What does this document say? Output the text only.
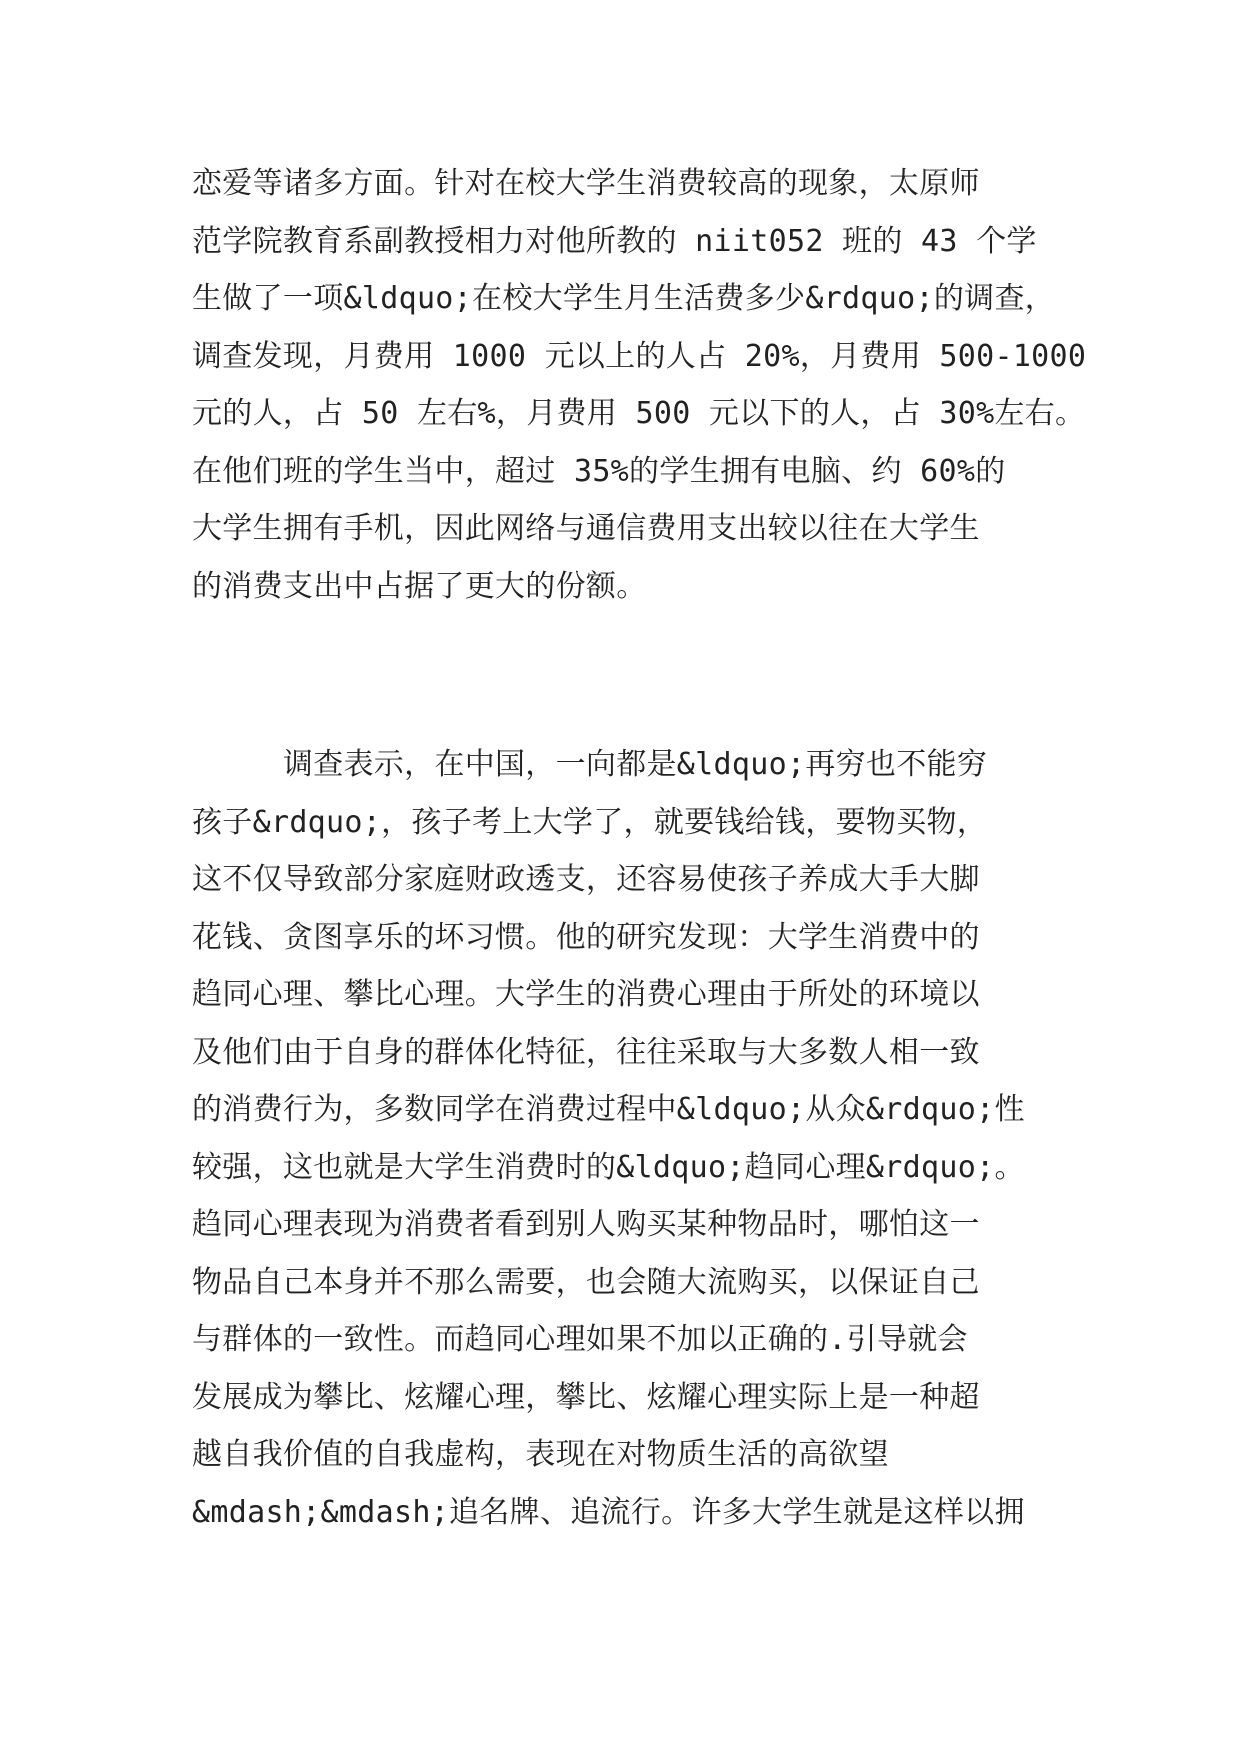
恋爱等诸多方面。针对在校大学生消费较高的现象，太原师
范学院教育系副教授相力对他所教的 niit052 班的 43 个学
生做了一项&ldquo;在校大学生月生活费多少&rdquo;的调查，
调查发现，月费用 1000 元以上的人占 20%，月费用 500-1000
元的人，占 50 左右%，月费用 500 元以下的人，占 30%左右。
在他们班的学生当中，超过 35%的学生拥有电脑、约 60%的
大学生拥有手机，因此网络与通信费用支出较以往在大学生
的消费支出中占据了更大的份额。
　　　调查表示，在中国，一向都是&ldquo;再穷也不能穷
孩子&rdquo;，孩子考上大学了，就要钱给钱，要物买物，
这不仅导致部分家庭财政透支，还容易使孩子养成大手大脚
花钱、贪图享乐的坏习惯。他的研究发现：大学生消费中的
趋同心理、攀比心理。大学生的消费心理由于所处的环境以
及他们由于自身的群体化特征，往往采取与大多数人相一致
的消费行为，多数同学在消费过程中&ldquo;从众&rdquo;性
较强，这也就是大学生消费时的&ldquo;趋同心理&rdquo;。
趋同心理表现为消费者看到别人购买某种物品时，哪怕这一
物品自己本身并不那么需要，也会随大流购买，以保证自己
与群体的一致性。而趋同心理如果不加以正确的.引导就会
发展成为攀比、炫耀心理，攀比、炫耀心理实际上是一种超
越自我价值的自我虚构，表现在对物质生活的高欲望
&mdash;&mdash;追名牌、追流行。许多大学生就是这样以拥
